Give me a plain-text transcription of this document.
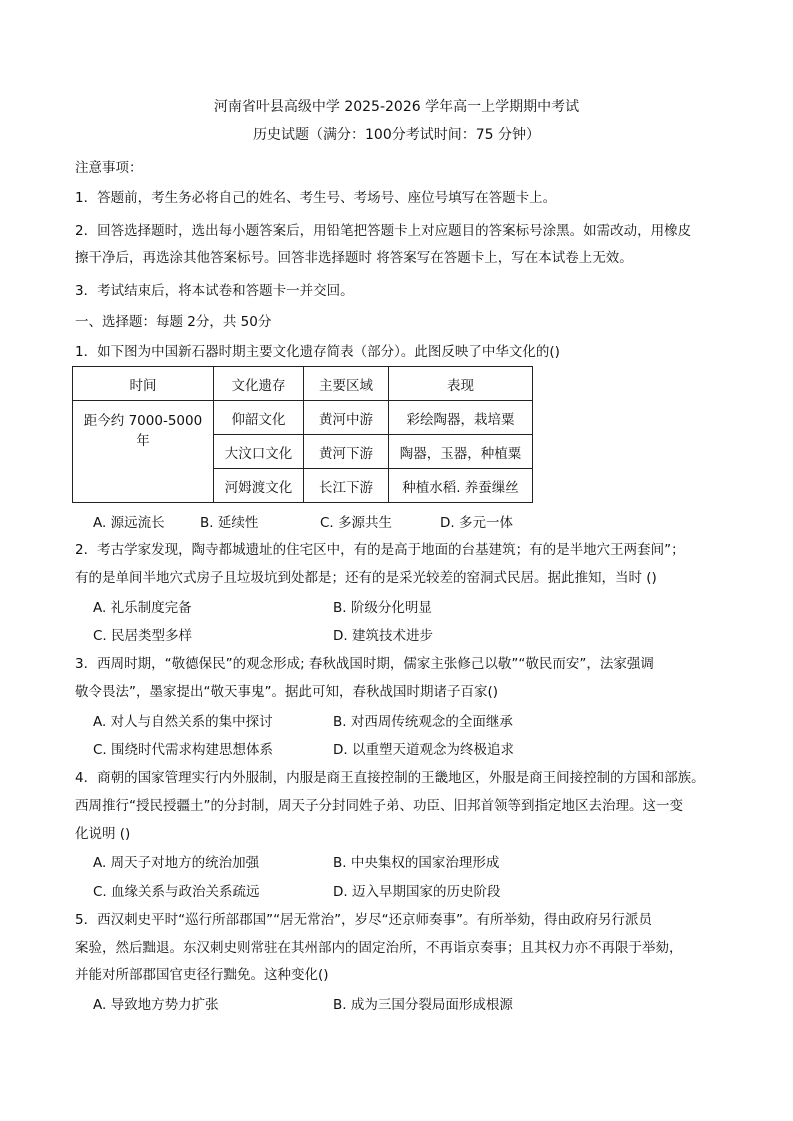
河南省叶县高级中学 2025-2026 学年高一上学期期中考试
历史试题（满分：100分考试时间：75 分钟）
注意事项：
1．答题前，考生务必将自己的姓名、考生号、考场号、座位号填写在答题卡上。
2．回答选择题时，选出每小题答案后，用铅笔把答题卡上对应题目的答案标号涂黑。如需改动，用橡皮
擦干净后，再选涂其他答案标号。回答非选择题时 将答案写在答题卡上，写在本试卷上无效。
3．考试结束后，将本试卷和答题卡一并交回。
一、选择题：每题 2分，共 50分
1．如下图为中国新石器时期主要文化遗存简表（部分）。此图反映了中华文化的()
时间	文化遗存	主要区域	表现
距今约 7000-5000 年	仰韶文化	黄河中游	彩绘陶器，栽培粟
	大汶口文化	黄河下游	陶器，玉器，种植粟
	河姆渡文化	长江下游	种植水稻. 养蚕缫丝
A. 源远流长	B. 延续性	C. 多源共生	D. 多元一体
2．考古学家发现，陶寺都城遗址的住宅区中，有的是高于地面的台基建筑；有的是半地穴王两套间”；
有的是单间半地穴式房子且垃圾坑到处都是；还有的是采光较差的窑洞式民居。据此推知，当时 ()
A. 礼乐制度完备	B. 阶级分化明显
C. 民居类型多样	D. 建筑技术进步
3．西周时期，“敬德保民”的观念形成; 春秋战国时期，儒家主张修己以敬”“敬民而安”，法家强调
敬令畏法”，墨家提出“敬天事鬼”。据此可知，春秋战国时期诸子百家()
A. 对人与自然关系的集中探讨	B. 对西周传统观念的全面继承
C. 围绕时代需求构建思想体系	D. 以重塑天道观念为终极追求
4．商朝的国家管理实行内外服制，内服是商王直接控制的王畿地区，外服是商王间接控制的方国和部族。
西周推行“授民授疆土”的分封制，周天子分封同姓子弟、功臣、旧邦首领等到指定地区去治理。这一变
化说明 ()
A. 周天子对地方的统治加强	B. 中央集权的国家治理形成
C. 血缘关系与政治关系疏远	D. 迈入早期国家的历史阶段
5．西汉刺史平时“巡行所部郡国”“居无常治”，岁尽“还京师奏事”。有所举劾，得由政府另行派员
案验，然后黜退。东汉刺史则常驻在其州部内的固定治所，不再诣京奏事；且其权力亦不再限于举劾，
并能对所部郡国官吏径行黜免。这种变化()
A. 导致地方势力扩张	B. 成为三国分裂局面形成根源
